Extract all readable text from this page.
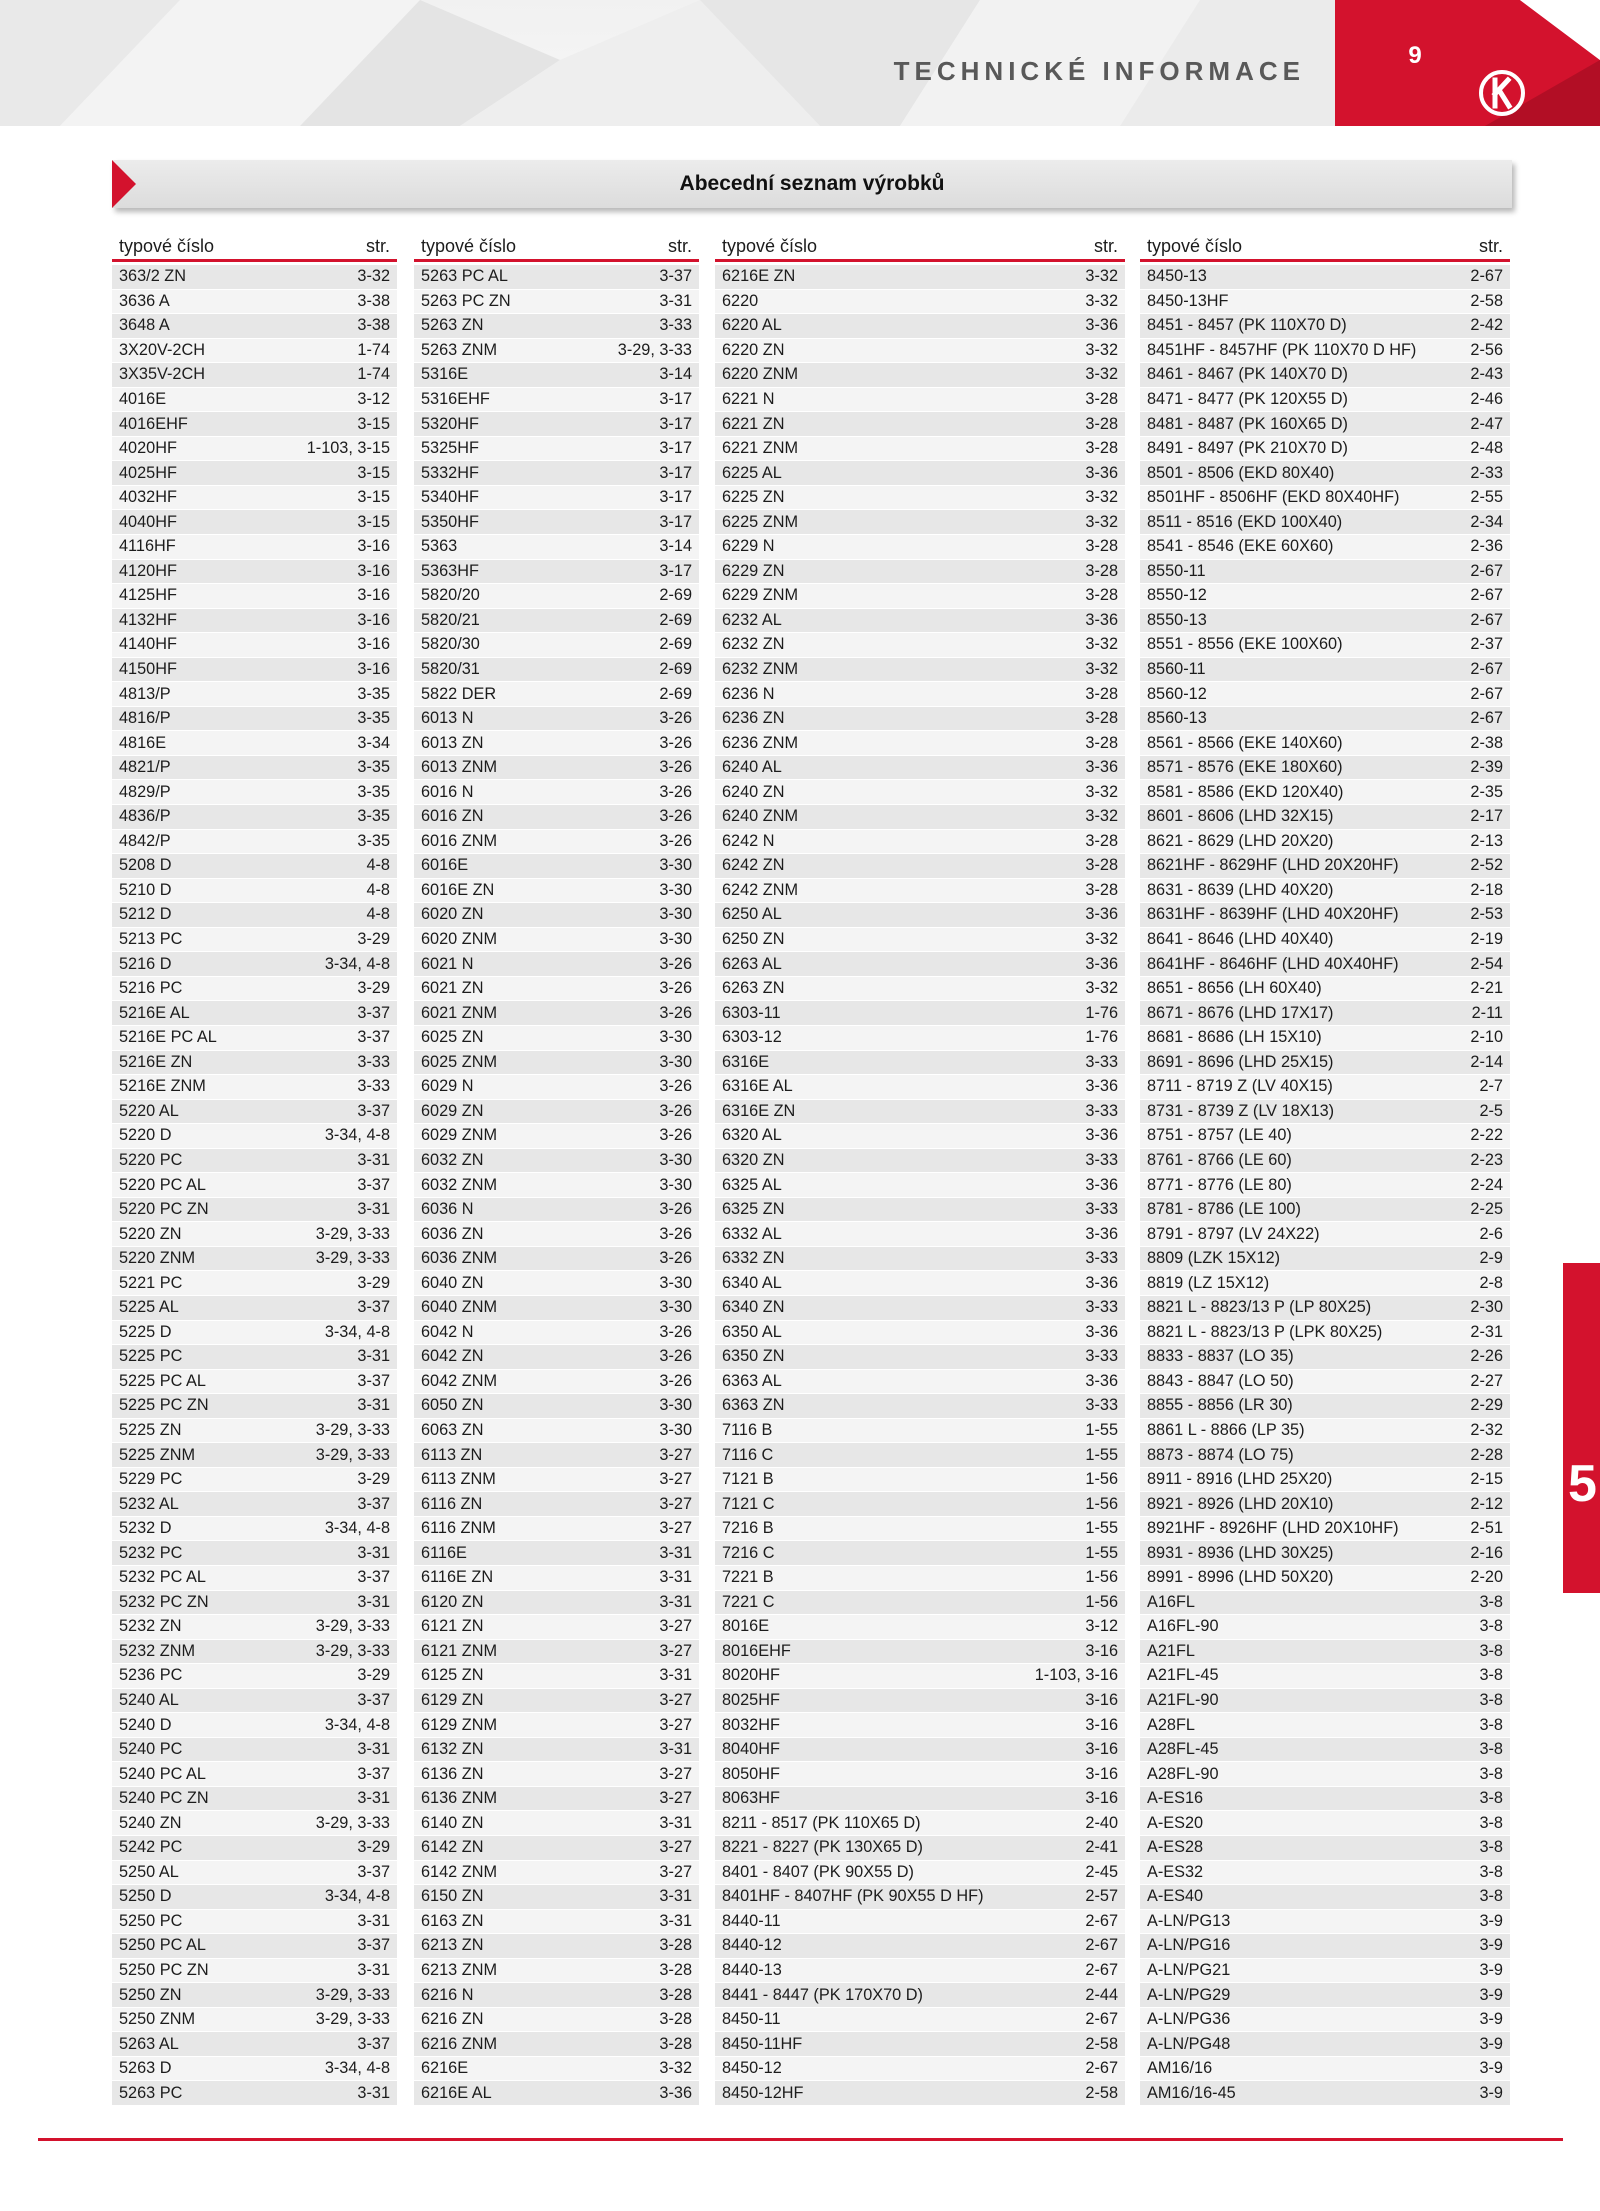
TECHNICKÉ INFORMACE
9
Abecední seznam výrobků
typové číslo	str.
363/2 ZN	3-32
3636 A	3-38
3648 A	3-38
3X20V-2CH	1-74
3X35V-2CH	1-74
4016E	3-12
4016EHF	3-15
4020HF	1-103, 3-15
4025HF	3-15
4032HF	3-15
4040HF	3-15
4116HF	3-16
4120HF	3-16
4125HF	3-16
4132HF	3-16
4140HF	3-16
4150HF	3-16
4813/P	3-35
4816/P	3-35
4816E	3-34
4821/P	3-35
4829/P	3-35
4836/P	3-35
4842/P	3-35
5208 D	4-8
5210 D	4-8
5212 D	4-8
5213 PC	3-29
5216 D	3-34, 4-8
5216 PC	3-29
5216E AL	3-37
5216E PC AL	3-37
5216E ZN	3-33
5216E ZNM	3-33
5220 AL	3-37
5220 D	3-34, 4-8
5220 PC	3-31
5220 PC AL	3-37
5220 PC ZN	3-31
5220 ZN	3-29, 3-33
5220 ZNM	3-29, 3-33
5221 PC	3-29
5225 AL	3-37
5225 D	3-34, 4-8
5225 PC	3-31
5225 PC AL	3-37
5225 PC ZN	3-31
5225 ZN	3-29, 3-33
5225 ZNM	3-29, 3-33
5229 PC	3-29
5232 AL	3-37
5232 D	3-34, 4-8
5232 PC	3-31
5232 PC AL	3-37
5232 PC ZN	3-31
5232 ZN	3-29, 3-33
5232 ZNM	3-29, 3-33
5236 PC	3-29
5240 AL	3-37
5240 D	3-34, 4-8
5240 PC	3-31
5240 PC AL	3-37
5240 PC ZN	3-31
5240 ZN	3-29, 3-33
5242 PC	3-29
5250 AL	3-37
5250 D	3-34, 4-8
5250 PC	3-31
5250 PC AL	3-37
5250 PC ZN	3-31
5250 ZN	3-29, 3-33
5250 ZNM	3-29, 3-33
5263 AL	3-37
5263 D	3-34, 4-8
5263 PC	3-31
typové číslo	str.
5263 PC AL	3-37
5263 PC ZN	3-31
5263 ZN	3-33
5263 ZNM	3-29, 3-33
5316E	3-14
5316EHF	3-17
5320HF	3-17
5325HF	3-17
5332HF	3-17
5340HF	3-17
5350HF	3-17
5363	3-14
5363HF	3-17
5820/20	2-69
5820/21	2-69
5820/30	2-69
5820/31	2-69
5822 DER	2-69
6013 N	3-26
6013 ZN	3-26
6013 ZNM	3-26
6016 N	3-26
6016 ZN	3-26
6016 ZNM	3-26
6016E	3-30
6016E ZN	3-30
6020 ZN	3-30
6020 ZNM	3-30
6021 N	3-26
6021 ZN	3-26
6021 ZNM	3-26
6025 ZN	3-30
6025 ZNM	3-30
6029 N	3-26
6029 ZN	3-26
6029 ZNM	3-26
6032 ZN	3-30
6032 ZNM	3-30
6036 N	3-26
6036 ZN	3-26
6036 ZNM	3-26
6040 ZN	3-30
6040 ZNM	3-30
6042 N	3-26
6042 ZN	3-26
6042 ZNM	3-26
6050 ZN	3-30
6063 ZN	3-30
6113 ZN	3-27
6113 ZNM	3-27
6116 ZN	3-27
6116 ZNM	3-27
6116E	3-31
6116E ZN	3-31
6120 ZN	3-31
6121 ZN	3-27
6121 ZNM	3-27
6125 ZN	3-31
6129 ZN	3-27
6129 ZNM	3-27
6132 ZN	3-31
6136 ZN	3-27
6136 ZNM	3-27
6140 ZN	3-31
6142 ZN	3-27
6142 ZNM	3-27
6150 ZN	3-31
6163 ZN	3-31
6213 ZN	3-28
6213 ZNM	3-28
6216 N	3-28
6216 ZN	3-28
6216 ZNM	3-28
6216E	3-32
6216E AL	3-36
typové číslo	str.
6216E ZN	3-32
6220	3-32
6220 AL	3-36
6220 ZN	3-32
6220 ZNM	3-32
6221 N	3-28
6221 ZN	3-28
6221 ZNM	3-28
6225 AL	3-36
6225 ZN	3-32
6225 ZNM	3-32
6229 N	3-28
6229 ZN	3-28
6229 ZNM	3-28
6232 AL	3-36
6232 ZN	3-32
6232 ZNM	3-32
6236 N	3-28
6236 ZN	3-28
6236 ZNM	3-28
6240 AL	3-36
6240 ZN	3-32
6240 ZNM	3-32
6242 N	3-28
6242 ZN	3-28
6242 ZNM	3-28
6250 AL	3-36
6250 ZN	3-32
6263 AL	3-36
6263 ZN	3-32
6303-11	1-76
6303-12	1-76
6316E	3-33
6316E AL	3-36
6316E ZN	3-33
6320 AL	3-36
6320 ZN	3-33
6325 AL	3-36
6325 ZN	3-33
6332 AL	3-36
6332 ZN	3-33
6340 AL	3-36
6340 ZN	3-33
6350 AL	3-36
6350 ZN	3-33
6363 AL	3-36
6363 ZN	3-33
7116 B	1-55
7116 C	1-55
7121 B	1-56
7121 C	1-56
7216 B	1-55
7216 C	1-55
7221 B	1-56
7221 C	1-56
8016E	3-12
8016EHF	3-16
8020HF	1-103, 3-16
8025HF	3-16
8032HF	3-16
8040HF	3-16
8050HF	3-16
8063HF	3-16
8211 - 8517 (PK 110X65 D)	2-40
8221 - 8227 (PK 130X65 D)	2-41
8401 - 8407 (PK 90X55 D)	2-45
8401HF - 8407HF (PK 90X55 D HF)	2-57
8440-11	2-67
8440-12	2-67
8440-13	2-67
8441 - 8447 (PK 170X70 D)	2-44
8450-11	2-67
8450-11HF	2-58
8450-12	2-67
8450-12HF	2-58
typové číslo	str.
8450-13	2-67
8450-13HF	2-58
8451 - 8457 (PK 110X70 D)	2-42
8451HF - 8457HF (PK 110X70 D HF)	2-56
8461 - 8467 (PK 140X70 D)	2-43
8471 - 8477 (PK 120X55 D)	2-46
8481 - 8487 (PK 160X65 D)	2-47
8491 - 8497 (PK 210X70 D)	2-48
8501 - 8506 (EKD 80X40)	2-33
8501HF - 8506HF (EKD 80X40HF)	2-55
8511 - 8516 (EKD 100X40)	2-34
8541 - 8546 (EKE 60X60)	2-36
8550-11	2-67
8550-12	2-67
8550-13	2-67
8551 - 8556 (EKE 100X60)	2-37
8560-11	2-67
8560-12	2-67
8560-13	2-67
8561 - 8566 (EKE 140X60)	2-38
8571 - 8576 (EKE 180X60)	2-39
8581 - 8586 (EKD 120X40)	2-35
8601 - 8606 (LHD 32X15)	2-17
8621 - 8629 (LHD 20X20)	2-13
8621HF - 8629HF (LHD 20X20HF)	2-52
8631 - 8639 (LHD 40X20)	2-18
8631HF - 8639HF (LHD 40X20HF)	2-53
8641 - 8646 (LHD 40X40)	2-19
8641HF - 8646HF (LHD 40X40HF)	2-54
8651 - 8656 (LH 60X40)	2-21
8671 - 8676 (LHD 17X17)	2-11
8681 - 8686 (LH 15X10)	2-10
8691 - 8696 (LHD 25X15)	2-14
8711 - 8719 Z (LV 40X15)	2-7
8731 - 8739 Z (LV 18X13)	2-5
8751 - 8757 (LE 40)	2-22
8761 - 8766 (LE 60)	2-23
8771 - 8776 (LE 80)	2-24
8781 - 8786 (LE 100)	2-25
8791 - 8797 (LV 24X22)	2-6
8809 (LZK 15X12)	2-9
8819 (LZ 15X12)	2-8
8821 L - 8823/13 P (LP 80X25)	2-30
8821 L - 8823/13 P (LPK 80X25)	2-31
8833 - 8837 (LO 35)	2-26
8843 - 8847 (LO 50)	2-27
8855 - 8856 (LR 30)	2-29
8861 L - 8866 (LP 35)	2-32
8873 - 8874 (LO 75)	2-28
8911 - 8916 (LHD 25X20)	2-15
8921 - 8926 (LHD 20X10)	2-12
8921HF - 8926HF (LHD 20X10HF)	2-51
8931 - 8936 (LHD 30X25)	2-16
8991 - 8996 (LHD 50X20)	2-20
A16FL	3-8
A16FL-90	3-8
A21FL	3-8
A21FL-45	3-8
A21FL-90	3-8
A28FL	3-8
A28FL-45	3-8
A28FL-90	3-8
A-ES16	3-8
A-ES20	3-8
A-ES28	3-8
A-ES32	3-8
A-ES40	3-8
A-LN/PG13	3-9
A-LN/PG16	3-9
A-LN/PG21	3-9
A-LN/PG29	3-9
A-LN/PG36	3-9
A-LN/PG48	3-9
AM16/16	3-9
AM16/16-45	3-9
5
